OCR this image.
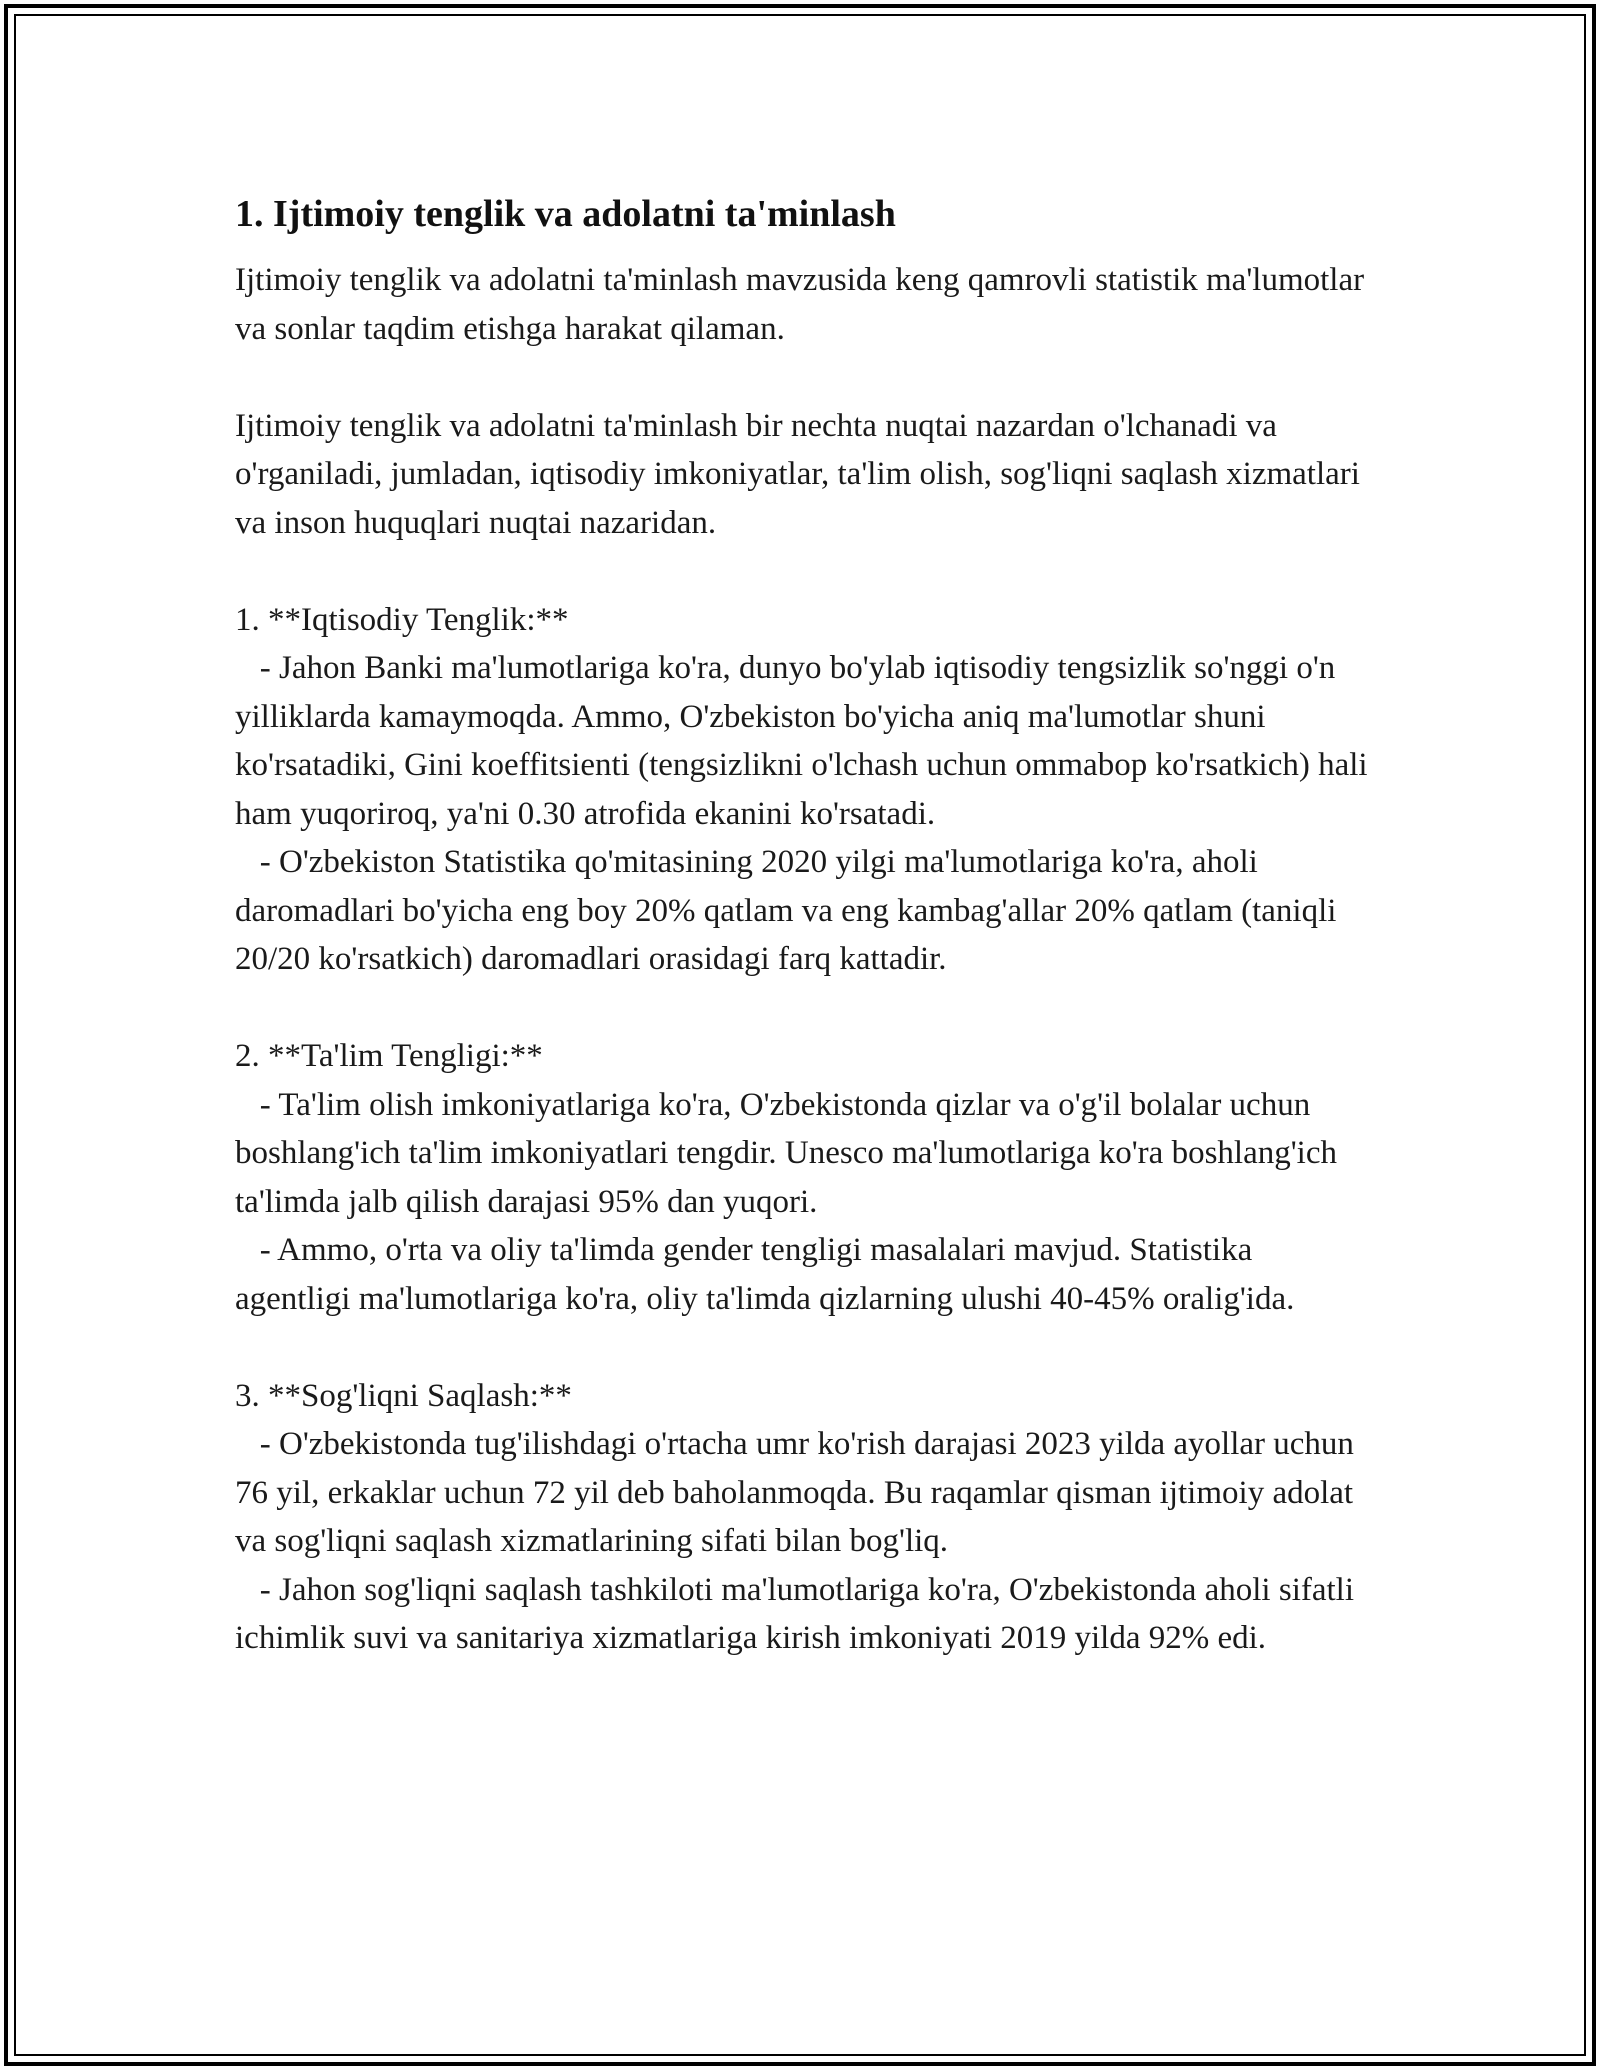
1. Ijtimoiy tenglik va adolatni ta'minlash

Ijtimoiy tenglik va adolatni ta'minlash mavzusida keng qamrovli statistik ma'lumotlar va sonlar taqdim etishga harakat qilaman.

Ijtimoiy tenglik va adolatni ta'minlash bir nechta nuqtai nazardan o'lchanadi va o'rganiladi, jumladan, iqtisodiy imkoniyatlar, ta'lim olish, sog'liqni saqlash xizmatlari va inson huquqlari nuqtai nazaridan.

1. **Iqtisodiy Tenglik:**

- Jahon Banki ma'lumotlariga ko'ra, dunyo bo'ylab iqtisodiy tengsizlik so'nggi o'n yilliklarda kamaymoqda. Ammo, O'zbekiston bo'yicha aniq ma'lumotlar shuni ko'rsatadiki, Gini koeffitsienti (tengsizlikni o'lchash uchun ommabop ko'rsatkich) hali ham yuqoriroq, ya'ni 0.30 atrofida ekanini ko'rsatadi.

- O'zbekiston Statistika qo'mitasining 2020 yilgi ma'lumotlariga ko'ra, aholi daromadlari bo'yicha eng boy 20% qatlam va eng kambag'allar 20% qatlam (taniqli 20/20 ko'rsatkich) daromadlari orasidagi farq kattadir.

2. **Ta'lim Tengligi:**

- Ta'lim olish imkoniyatlariga ko'ra, O'zbekistonda qizlar va o'g'il bolalar uchun boshlang'ich ta'lim imkoniyatlari tengdir. Unesco ma'lumotlariga ko'ra boshlang'ich ta'limda jalb qilish darajasi 95% dan yuqori.

- Ammo, o'rta va oliy ta'limda gender tengligi masalalari mavjud. Statistika agentligi ma'lumotlariga ko'ra, oliy ta'limda qizlarning ulushi 40-45% oralig'ida.

3. **Sog'liqni Saqlash:**

- O'zbekistonda tug'ilishdagi o'rtacha umr ko'rish darajasi 2023 yilda ayollar uchun 76 yil, erkaklar uchun 72 yil deb baholanmoqda. Bu raqamlar qisman ijtimoiy adolat va sog'liqni saqlash xizmatlarining sifati bilan bog'liq.

- Jahon sog'liqni saqlash tashkiloti ma'lumotlariga ko'ra, O'zbekistonda aholi sifatli ichimlik suvi va sanitariya xizmatlariga kirish imkoniyati 2019 yilda 92% edi.
